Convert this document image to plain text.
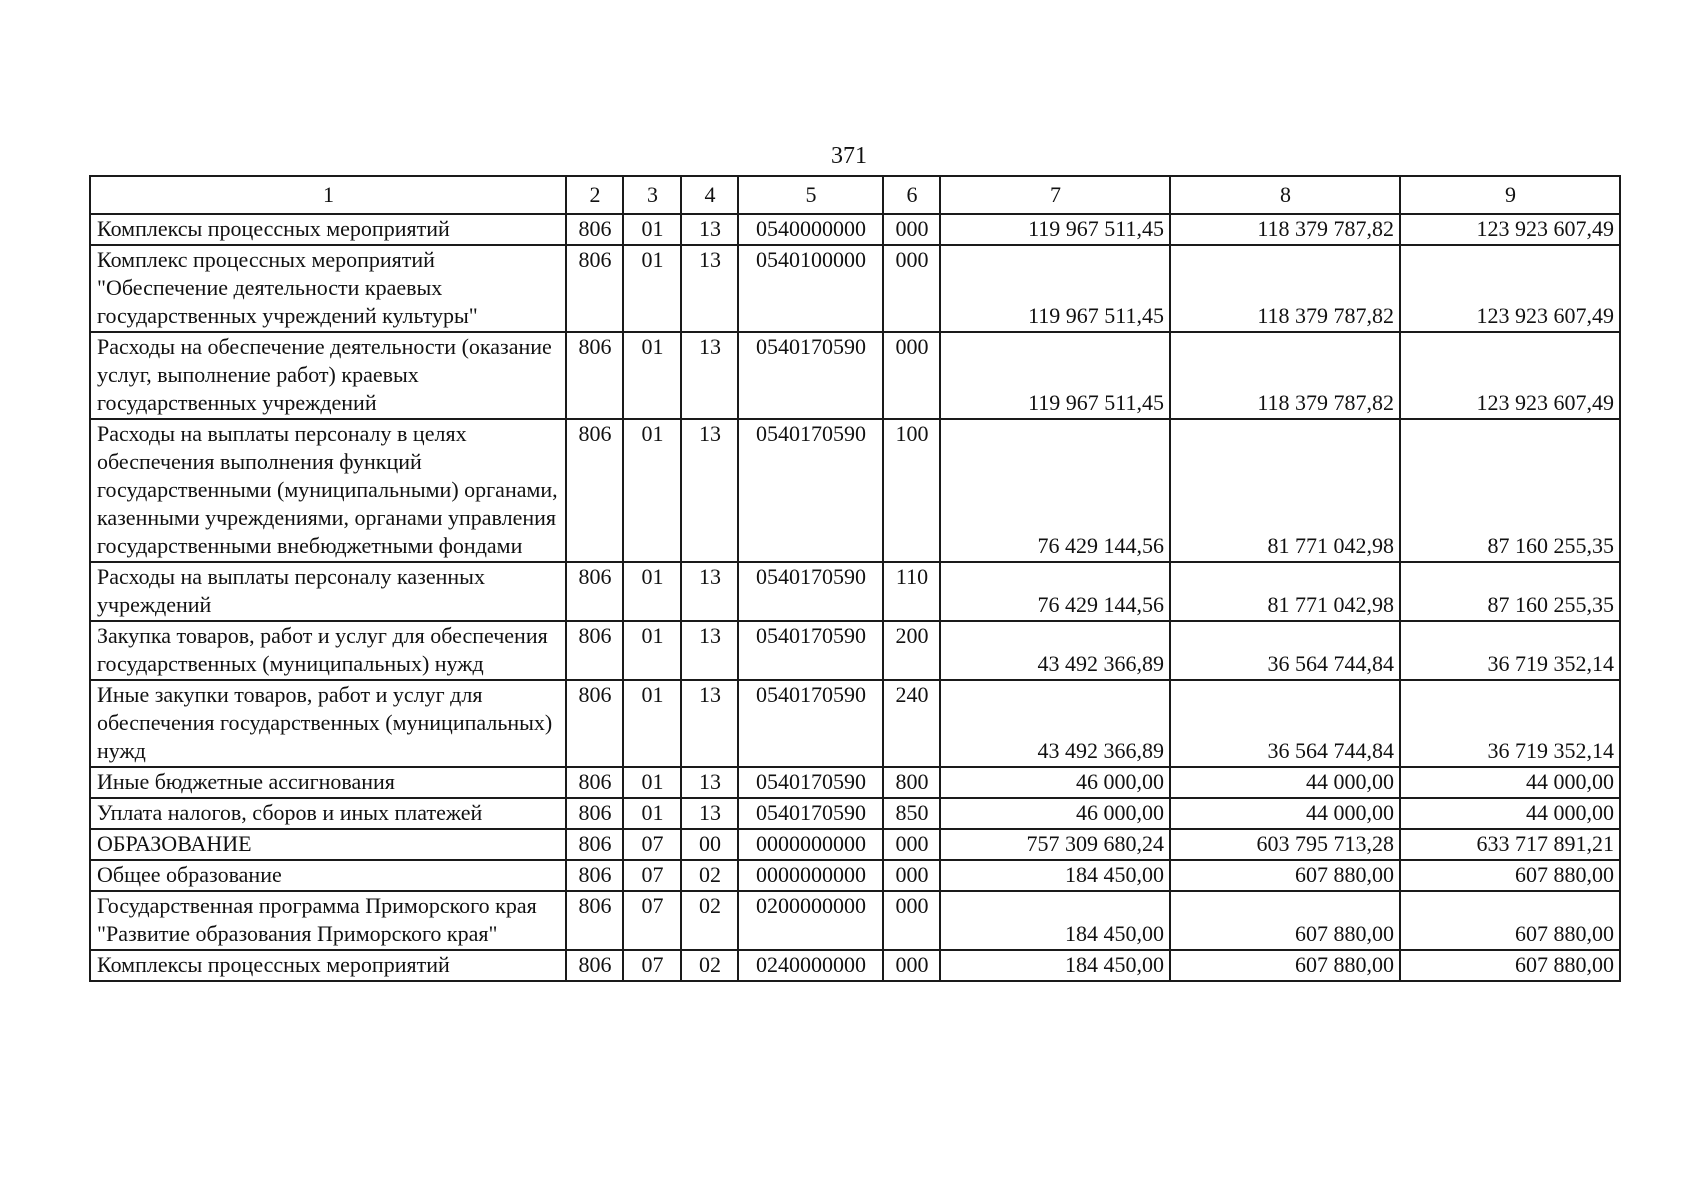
371
1	2	3	4	5	6	7	8	9
Комплексы процессных мероприятий	806	01	13	0540000000	000	119 967 511,45	118 379 787,82	123 923 607,49
Комплекс процессных мероприятий "Обеспечение деятельности краевых государственных учреждений культуры"	806	01	13	0540100000	000	119 967 511,45	118 379 787,82	123 923 607,49
Расходы на обеспечение деятельности (оказание услуг, выполнение работ) краевых государственных учреждений	806	01	13	0540170590	000	119 967 511,45	118 379 787,82	123 923 607,49
Расходы на выплаты персоналу в целях обеспечения выполнения функций государственными (муниципальными) органами, казенными учреждениями, органами управления государственными внебюджетными фондами	806	01	13	0540170590	100	76 429 144,56	81 771 042,98	87 160 255,35
Расходы на выплаты персоналу казенных учреждений	806	01	13	0540170590	110	76 429 144,56	81 771 042,98	87 160 255,35
Закупка товаров, работ и услуг для обеспечения государственных (муниципальных) нужд	806	01	13	0540170590	200	43 492 366,89	36 564 744,84	36 719 352,14
Иные закупки товаров, работ и услуг для обеспечения государственных (муниципальных) нужд	806	01	13	0540170590	240	43 492 366,89	36 564 744,84	36 719 352,14
Иные бюджетные ассигнования	806	01	13	0540170590	800	46 000,00	44 000,00	44 000,00
Уплата налогов, сборов и иных платежей	806	01	13	0540170590	850	46 000,00	44 000,00	44 000,00
ОБРАЗОВАНИЕ	806	07	00	0000000000	000	757 309 680,24	603 795 713,28	633 717 891,21
Общее образование	806	07	02	0000000000	000	184 450,00	607 880,00	607 880,00
Государственная программа Приморского края "Развитие образования Приморского края"	806	07	02	0200000000	000	184 450,00	607 880,00	607 880,00
Комплексы процессных мероприятий	806	07	02	0240000000	000	184 450,00	607 880,00	607 880,00
